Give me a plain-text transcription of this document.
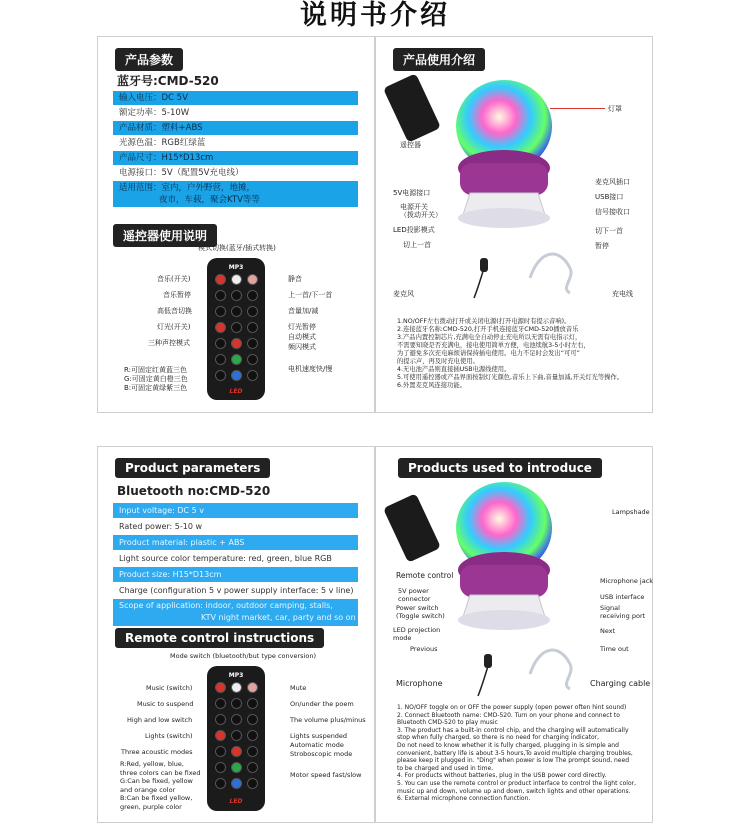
说明书介绍
产品参数
蓝牙号:CMD-520
输入电压：DC 5V
额定功率：5-10W
产品材质：塑料+ABS
光源色温：RGB红绿蓝
产品尺寸：H15*D13cm
电源接口：5V（配置5V充电线）
适用范围：室内，户外野营，地摊，
夜市，车载，聚会KTV等等
遥控器使用说明
模式切换(蓝牙/插式转换)
MP3
LED
音乐(开关)
音乐暂停
高低音切换
灯光(开关)
三种声控模式
静音
上一首/下一首
音量加/减
灯光暂停
自动模式
频闪模式
电机速度快/慢
R:可固定红黄蓝三色
G:可固定黄白橙三色
B:可固定黄绿紫三色
产品使用介绍
灯罩
遥控器
麦克风插口
USB接口
信号接收口
切下一首
暂停
5V电源接口
电源开关
（拨动开关）
LED投影模式
切上一首
麦克风	充电线
1.NO/OFF左右拨动打开或关闭电源(打开电源时有提示音响)。
2.连接蓝牙名称:CMD-520,打开手机连接蓝牙CMD-520播放音乐
3.产品内置控制芯片,充满电全自动停止充电所以无需有电指示灯，
不需要知晓是否充满电，接电使用简单方便，电池续航3-5小时左右，
为了避免多次充电麻烦请保持插电使用。电力不足时会发出“可可”
的提示声，再及时充电使用。
4.无电池产品则直接插USB电源线使用。
5.可使用遥控器或产品界面按制灯光颜色,音乐上下曲,音量加减,开关灯光等操作。
6.外置麦克风连接功能。
Product parameters
Bluetooth no:CMD-520
Input voltage: DC 5 v
Rated power: 5-10 w
Product material: plastic + ABS
Light source color temperature: red, green, blue RGB
Product size: H15*D13cm
Charge (configuration 5 v power supply interface: 5 v line)
Scope of application: indoor, outdoor camping, stalls,
KTV night market, car, party and so on
Remote control instructions
Mode switch (bluetooth/but type conversion)
MP3
LED
Music (switch)
Music to suspend
High and low switch
Lights (switch)
Three acoustic modes
Mute
On/under the poem
The volume plus/minus
Lights suspended
Automatic mode
Stroboscopic mode
Motor speed fast/slow
R:Red, yellow, blue,
three colors can be fixed
G:Can be fixed, yellow
and orange color
B:Can be fixed yellow,
green, purple color
Products used to introduce
Lampshade
Remote control
Microphone jack
USB interface
Signal
receiving port
Next
Time out
5V power
connector
Power switch
(Toggle switch)
LED projection
mode
Previous
Microphone	Charging cable
1. NO/OFF toggle on or OFF the power supply (open power often hint sound)
2. Connect Bluetooth name: CMD-520. Turn on your phone and connect to
Bluetooth CMD-520 to play music
3. The product has a built-in control chip, and the charging will automatically
stop when fully charged, so there is no need for charging indicator,
Do not need to know whether it is fully charged, plugging in is simple and
convenient, battery life is about 3-5 hours,To avoid multiple charging troubles,
please keep it plugged in. "Ding" when power is low The prompt sound, need
to be charged and used in time.
4. For products without batteries, plug in the USB power cord directly.
5. You can use the remote control or product interface to control the light color,
music up and down, volume up and down, switch lights and other operations.
6. External microphone connection function.
